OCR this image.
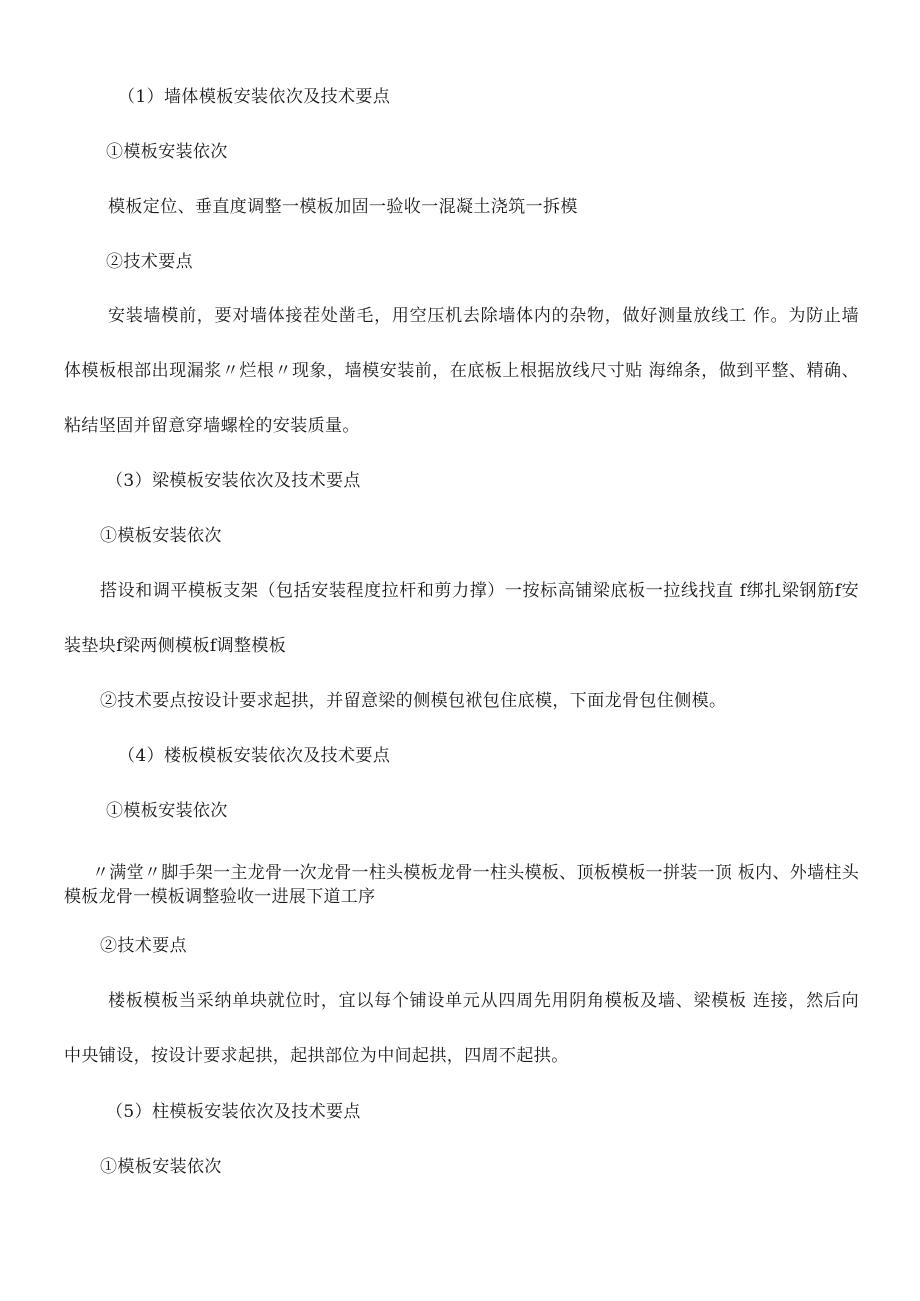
（1）墙体模板安装依次及技术要点
①模板安装依次
模板定位、垂直度调整一模板加固一验收一混凝土浇筑一拆模
②技术要点
安装墙模前，要对墙体接茬处凿毛，用空压机去除墙体内的杂物，做好测量放线工 作。为防止墙体模板根部出现漏浆〃烂根〃现象，墙模安装前，在底板上根据放线尺寸贴 海绵条，做到平整、精确、粘结坚固并留意穿墙螺栓的安装质量。
（3）梁模板安装依次及技术要点
①模板安装依次
搭设和调平模板支架（包括安装程度拉杆和剪力撑）一按标高铺梁底板一拉线找直 f绑扎梁钢筋f安装垫块f梁两侧模板f调整模板
②技术要点按设计要求起拱，并留意梁的侧模包袱包住底模，下面龙骨包住侧模。
（4）楼板模板安装依次及技术要点
①模板安装依次
〃满堂〃脚手架一主龙骨一次龙骨一柱头模板龙骨一柱头模板、顶板模板一拼装一顶 板内、外墙柱头模板龙骨一模板调整验收一进展下道工序
②技术要点
楼板模板当采纳单块就位时，宜以每个铺设单元从四周先用阴角模板及墙、梁模板 连接，然后向中央铺设，按设计要求起拱，起拱部位为中间起拱，四周不起拱。
（5）柱模板安装依次及技术要点
①模板安装依次
